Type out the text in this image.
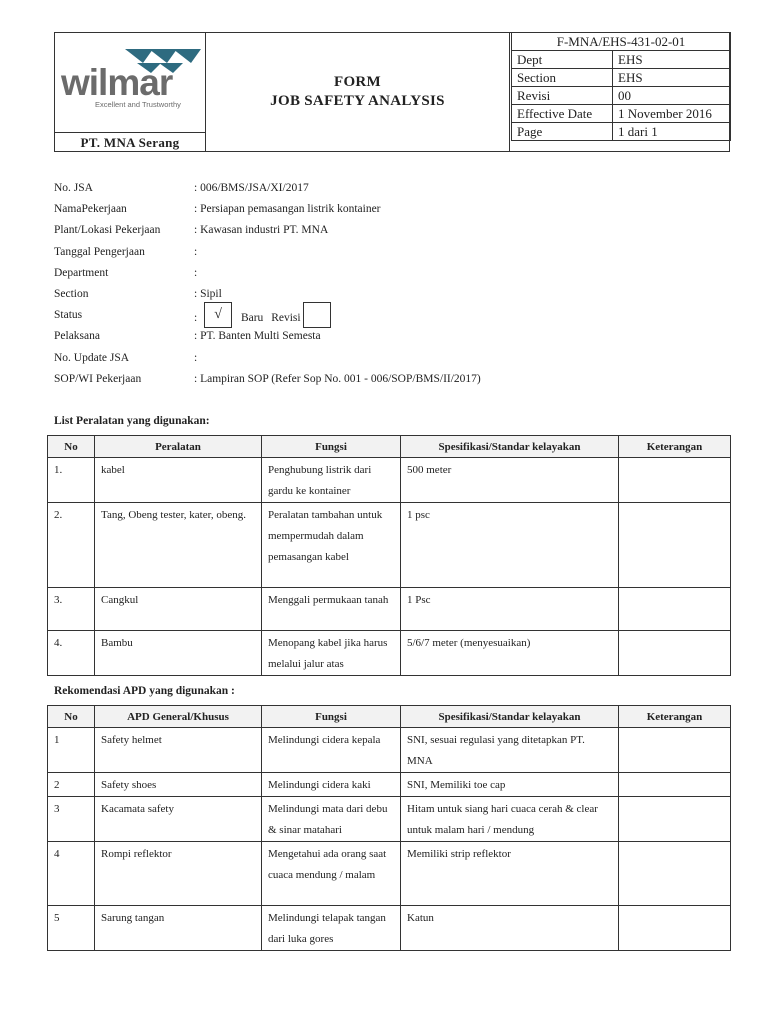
wilmar
Excellent and Trustworthy
PT. MNA Serang
FORM
JOB SAFETY ANALYSIS
F-MNA/EHS-431-02-01	
Dept	EHS
Section	EHS
Revisi	00
Effective Date	1 November 2016
Page	1 dari 1
No. JSA	: 006/BMS/JSA/XI/2017
NamaPekerjaan	: Persiapan pemasangan listrik kontainer
Plant/Lokasi Pekerjaan	: Kawasan industri PT. MNA
Tanggal Pengerjaan	:
Department	:
Section	: Sipil
Status	: √ Baru Revisi
Pelaksana	: PT. Banten Multi Semesta
No. Update JSA	:
SOP/WI Pekerjaan	: Lampiran SOP (Refer Sop No. 001 - 006/SOP/BMS/II/2017)
List Peralatan yang digunakan:
No	Peralatan	Fungsi	Spesifikasi/Standar kelayakan	Keterangan
1.	kabel	Penghubung listrik dari gardu ke kontainer	500 meter	
2.	Tang, Obeng tester, kater, obeng.	Peralatan tambahan untuk mempermudah dalam pemasangan kabel	1 psc	
3.	Cangkul	Menggali permukaan tanah	1 Psc	
4.	Bambu	Menopang kabel jika harus melalui jalur atas	5/6/7 meter (menyesuaikan)	
Rekomendasi APD yang digunakan :
No	APD General/Khusus	Fungsi	Spesifikasi/Standar kelayakan	Keterangan
1	Safety helmet	Melindungi cidera kepala	SNI, sesuai regulasi yang ditetapkan PT. MNA	
2	Safety shoes	Melindungi cidera kaki	SNI, Memiliki toe cap	
3	Kacamata safety	Melindungi mata dari debu & sinar matahari	Hitam untuk siang hari cuaca cerah & clear untuk malam hari / mendung	
4	Rompi reflektor	Mengetahui ada orang saat cuaca mendung / malam	Memiliki strip reflektor	
5	Sarung tangan	Melindungi telapak tangan dari luka gores	Katun	
